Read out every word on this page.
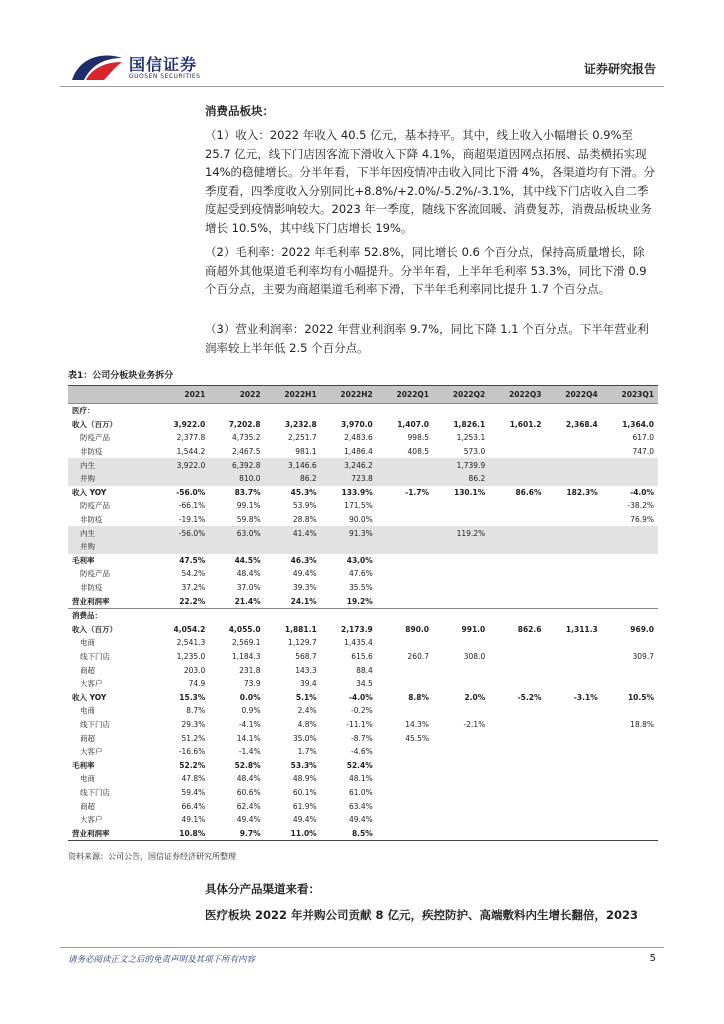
国信证券
GUOSEN SECURITIES
证券研究报告
消费品板块：
（1）收入：2022 年收入 40.5 亿元，基本持平。其中，线上收入小幅增长 0.9%至 25.7 亿元，线下门店因客流下滑收入下降 4.1%，商超渠道因网点拓展、品类横拓实现 14%的稳健增长。分半年看，下半年因疫情冲击收入同比下滑 4%，各渠道均有下滑。分季度看，四季度收入分别同比+8.8%/+2.0%/-5.2%/-3.1%，其中线下门店收入自二季度起受到疫情影响较大。2023 年一季度，随线下客流回暖、消费复苏，消费品板块业务增长 10.5%，其中线下门店增长 19%。
（2）毛利率：2022 年毛利率 52.8%，同比增长 0.6 个百分点，保持高质量增长，除商超外其他渠道毛利率均有小幅提升。分半年看，上半年毛利率 53.3%，同比下滑 0.9 个百分点，主要为商超渠道毛利率下滑，下半年毛利率同比提升 1.7 个百分点。
（3）营业利润率：2022 年营业利润率 9.7%，同比下降 1.1 个百分点。下半年营业利润率较上半年低 2.5 个百分点。
表1：公司分板块业务拆分
	2021	2022	2022H1	2022H2	2022Q1	2022Q2	2022Q3	2022Q4	2023Q1
医疗：									
收入（百万）	3,922.0	7,202.8	3,232.8	3,970.0	1,407.0	1,826.1	1,601.2	2,368.4	1,364.0
防疫产品	2,377.8	4,735.2	2,251.7	2,483.6	998.5	1,253.1			617.0
非防疫	1,544.2	2,467.5	981.1	1,486.4	408.5	573.0			747.0
内生	3,922.0	6,392.8	3,146.6	3,246.2		1,739.9			
并购		810.0	86.2	723.8		86.2			
收入 YOY	-56.0%	83.7%	45.3%	133.9%	-1.7%	130.1%	86.6%	182.3%	-4.0%
防疫产品	-66.1%	99.1%	53.9%	171.5%					-38.2%
非防疫	-19.1%	59.8%	28.8%	90.0%					76.9%
内生	-56.0%	63.0%	41.4%	91.3%		119.2%			
并购									
毛利率	47.5%	44.5%	46.3%	43.0%					
防疫产品	54.2%	48.4%	49.4%	47.6%					
非防疫	37.2%	37.0%	39.3%	35.5%					
营业利润率	22.2%	21.4%	24.1%	19.2%					
消费品：									
收入（百万）	4,054.2	4,055.0	1,881.1	2,173.9	890.0	991.0	862.6	1,311.3	969.0
电商	2,541.3	2,569.1	1,129.7	1,435.4					
线下门店	1,235.0	1,184.3	568.7	615.6	260.7	308.0			309.7
商超	203.0	231.8	143.3	88.4					
大客户	74.9	73.9	39.4	34.5					
收入 YOY	15.3%	0.0%	5.1%	-4.0%	8.8%	2.0%	-5.2%	-3.1%	10.5%
电商	8.7%	0.9%	2.4%	-0.2%					
线下门店	29.3%	-4.1%	4.8%	-11.1%	14.3%	-2.1%			18.8%
商超	51.2%	14.1%	35.0%	-8.7%	45.5%				
大客户	-16.6%	-1.4%	1.7%	-4.6%					
毛利率	52.2%	52.8%	53.3%	52.4%					
电商	47.8%	48.4%	48.9%	48.1%					
线下门店	59.4%	60.6%	60.1%	61.0%					
商超	66.4%	62.4%	61.9%	63.4%					
大客户	49.1%	49.4%	49.4%	49.4%					
营业利润率	10.8%	9.7%	11.0%	8.5%					
资料来源：公司公告，国信证券经济研究所整理
具体分产品渠道来看：
医疗板块 2022 年并购公司贡献 8 亿元，疾控防护、高端敷料内生增长翻倍，2023
请务必阅读正文之后的免责声明及其项下所有内容	5
